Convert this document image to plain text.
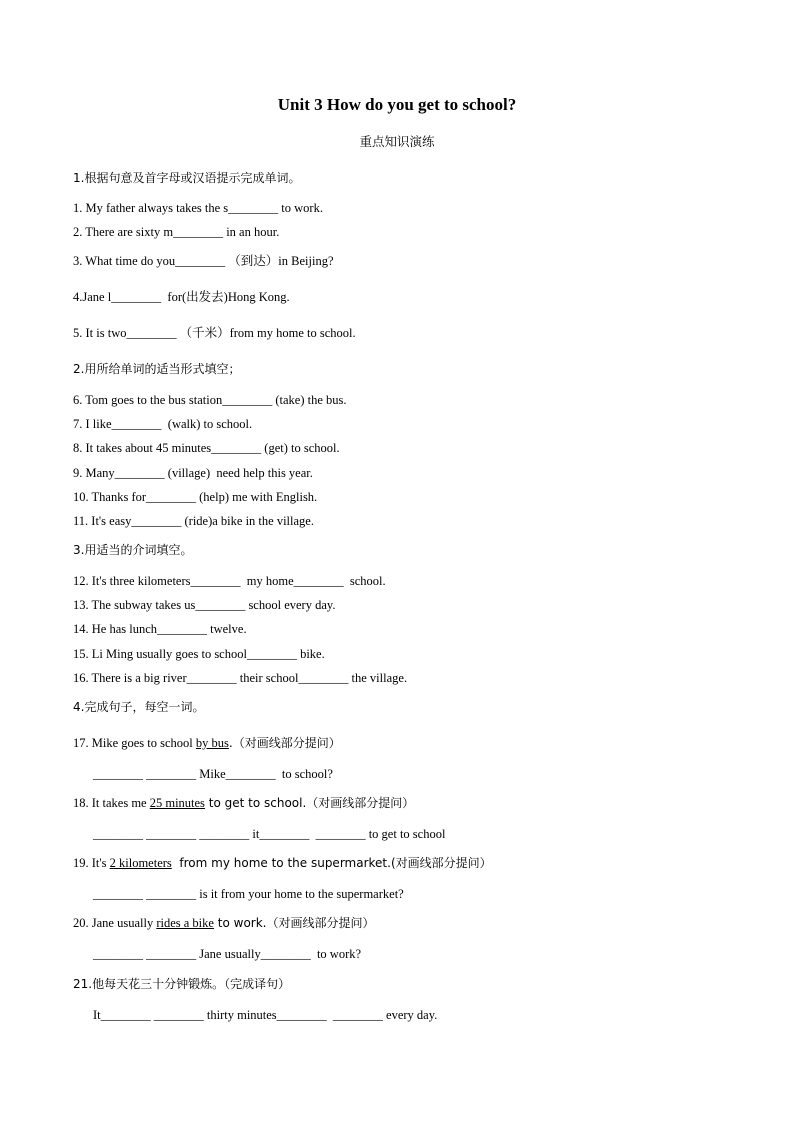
Unit 3 How do you get to school?
重点知识演练
1.根据句意及首字母或汉语提示完成单词。
1. My father always takes the s________ to work.
2. There are sixty m________ in an hour.
3. What time do you________ （到达）in Beijing?
4.Jane l________  for(出发去)Hong Kong.
5. It is two________ （千米）from my home to school.
2.用所给单词的适当形式填空；
6. Tom goes to the bus station________ (take) the bus.
7. I like________  (walk) to school.
8. It takes about 45 minutes________ (get) to school.
9. Many________ (village)  need help this year.
10. Thanks for________ (help) me with English.
11. It's easy________ (ride)a bike in the village.
3.用适当的介词填空。
12. It's three kilometers________  my home________  school.
13. The subway takes us________ school every day.
14. He has lunch________ twelve.
15. Li Ming usually goes to school________ bike.
16. There is a big river________ their school________ the village.
4.完成句子，每空一词。
17. Mike goes to school by bus.（对画线部分提问）
________ ________ Mike________  to school?
18. It takes me 25 minutes to get to school.（对画线部分提问）
________ ________ ________ it________  ________ to get to school
19. It's 2 kilometers  from my home to the supermarket.(对画线部分提问）
________ ________ is it from your home to the supermarket?
20. Jane usually rides a bike to work.（对画线部分提问）
________ ________ Jane usually________  to work?
21.他每天花三十分钟锻炼。（完成译句）
It________ ________ thirty minutes________  ________ every day.
